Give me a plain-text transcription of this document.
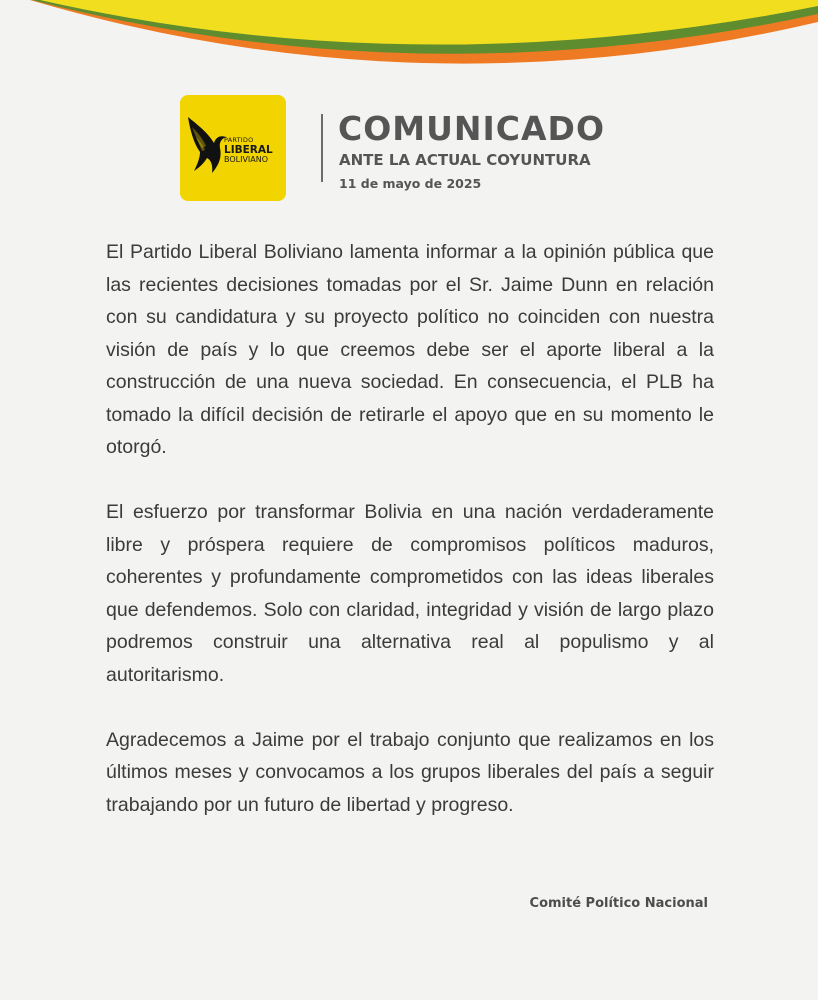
PARTIDO
LIBERAL
BOLIVIANO
COMUNICADO
ANTE LA ACTUAL COYUNTURA
11 de mayo de 2025

El Partido Liberal Boliviano lamenta informar a la opinión pública que las recientes decisiones tomadas por el Sr. Jaime Dunn en relación con su candidatura y su proyecto político no coinciden con nuestra visión de país y lo que creemos debe ser el aporte liberal a la construcción de una nueva sociedad. En consecuencia, el PLB ha tomado la difícil decisión de retirarle el apoyo que en su momento le otorgó.

El esfuerzo por transformar Bolivia en una nación verdaderamente libre y próspera requiere de compromisos políticos maduros, coherentes y profundamente comprometidos con las ideas liberales que defendemos. Solo con claridad, integridad y visión de largo plazo podremos construir una alternativa real al populismo y al autoritarismo.

Agradecemos a Jaime por el trabajo conjunto que realizamos en los últimos meses y convocamos a los grupos liberales del país a seguir trabajando por un futuro de libertad y progreso.

Comité Político Nacional
